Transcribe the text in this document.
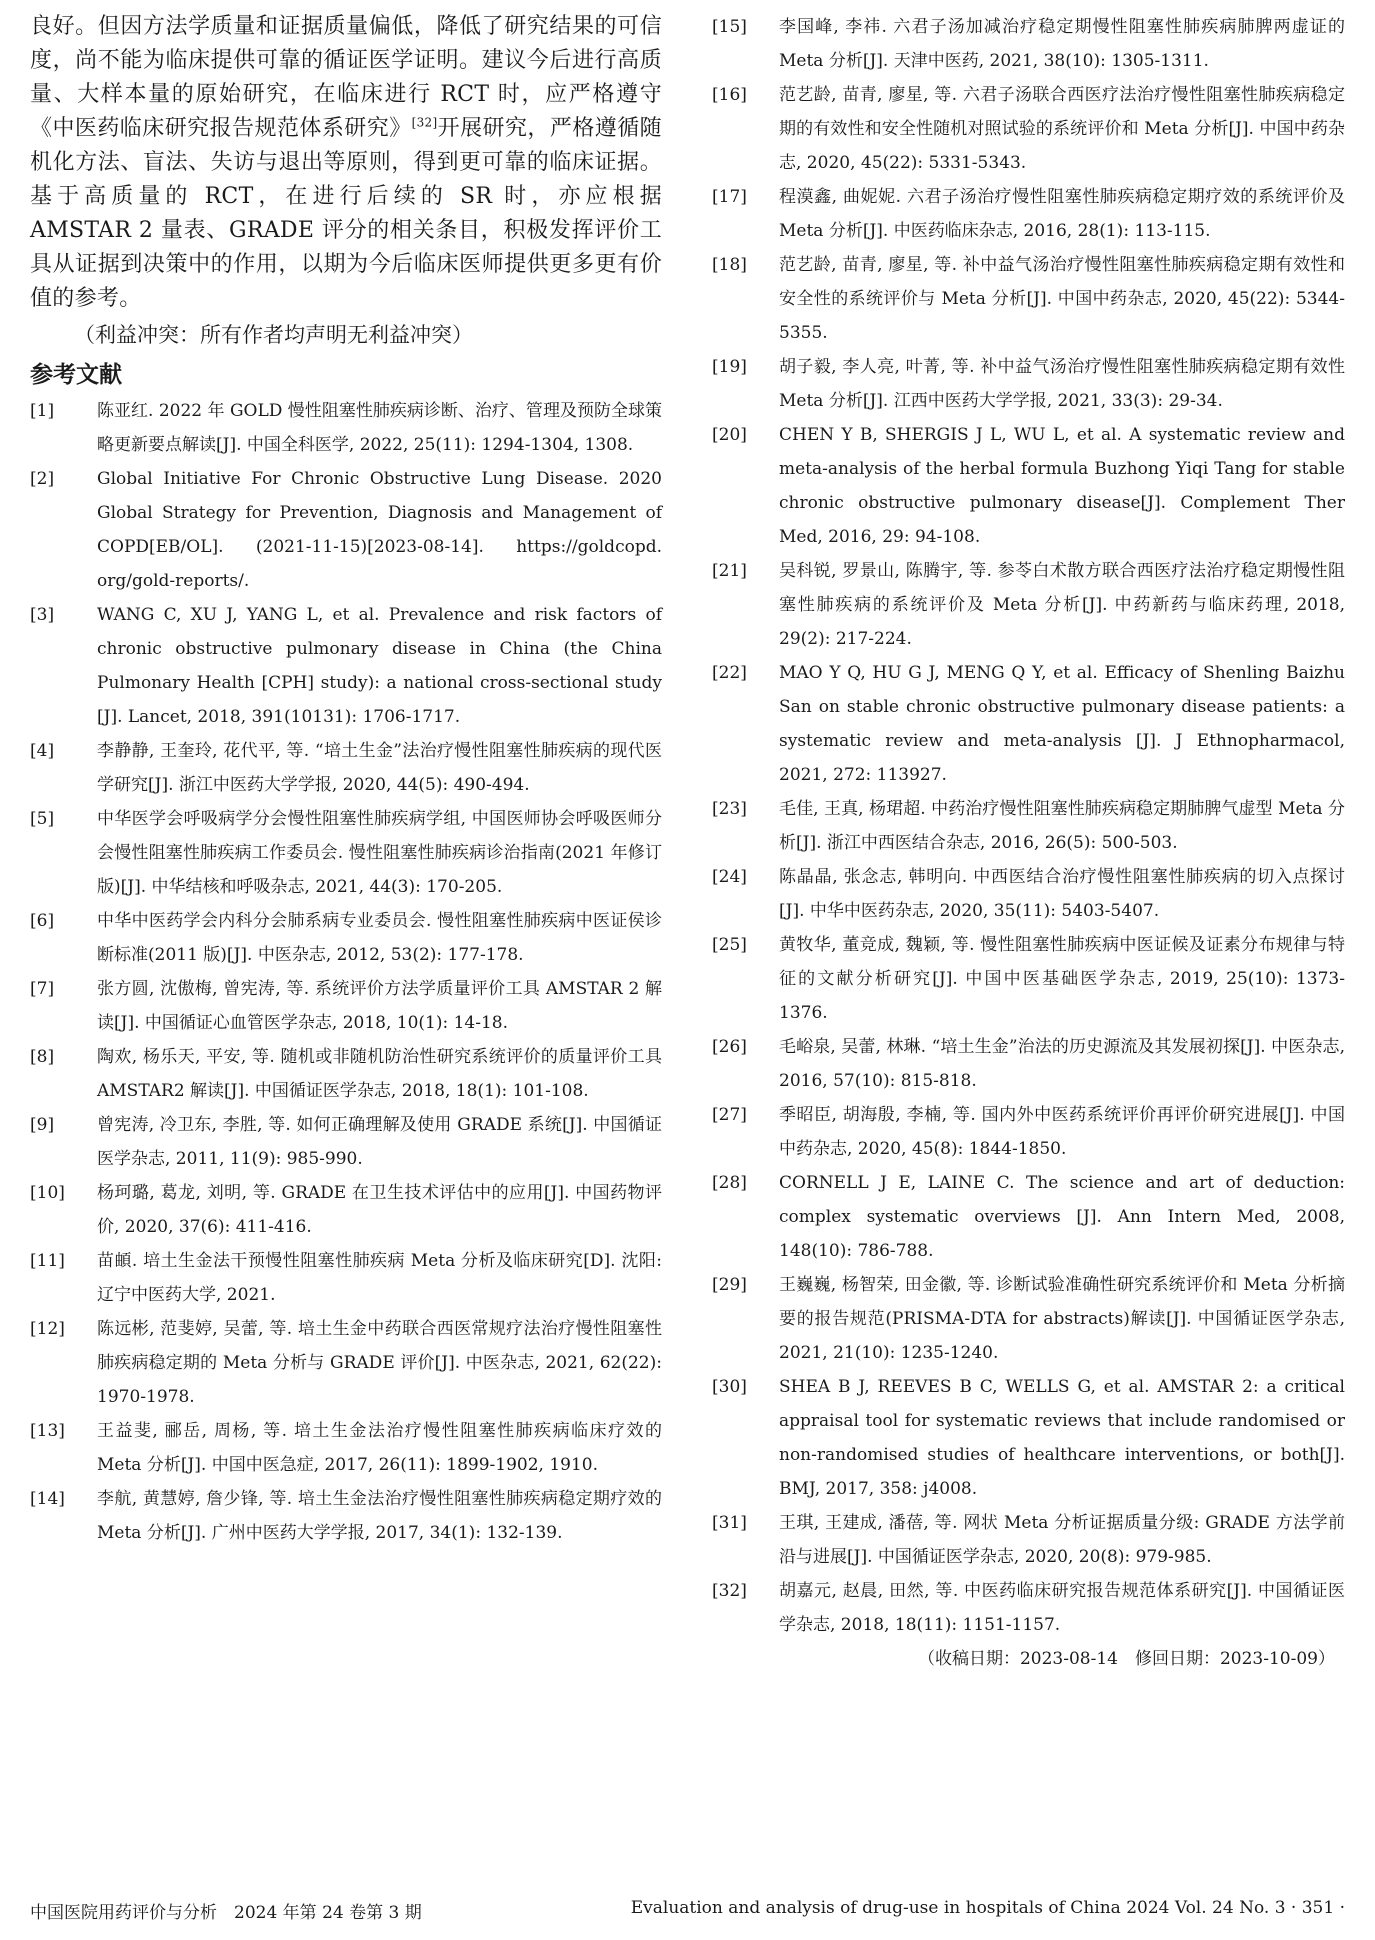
良好。但因方法学质量和证据质量偏低，降低了研究结果的可信度，尚不能为临床提供可靠的循证医学证明。建议今后进行高质量、大样本量的原始研究，在临床进行 RCT 时，应严格遵守《中医药临床研究报告规范体系研究》[32]开展研究，严格遵循随机化方法、盲法、失访与退出等原则，得到更可靠的临床证据。基于高质量的 RCT，在进行后续的 SR 时，亦应根据 AMSTAR 2 量表、GRADE 评分的相关条目，积极发挥评价工具从证据到决策中的作用，以期为今后临床医师提供更多更有价值的参考。

（利益冲突：所有作者均声明无利益冲突）

参考文献
[1]	陈亚红. 2022 年 GOLD 慢性阻塞性肺疾病诊断、治疗、管理及预防全球策略更新要点解读[J]. 中国全科医学, 2022, 25(11): 1294-1304, 1308.
[2]	Global Initiative For Chronic Obstructive Lung Disease. 2020 Global Strategy for Prevention, Diagnosis and Management of COPD[EB/OL]. (2021-11-15)[2023-08-14]. https://goldcopd. org/gold-reports/.
[3]	WANG C, XU J, YANG L, et al. Prevalence and risk factors of chronic obstructive pulmonary disease in China (the China Pulmonary Health [CPH] study): a national cross-sectional study [J]. Lancet, 2018, 391(10131): 1706-1717.
[4]	李静静, 王奎玲, 花代平, 等. “培土生金”法治疗慢性阻塞性肺疾病的现代医学研究[J]. 浙江中医药大学学报, 2020, 44(5): 490-494.
[5]	中华医学会呼吸病学分会慢性阻塞性肺疾病学组, 中国医师协会呼吸医师分会慢性阻塞性肺疾病工作委员会. 慢性阻塞性肺疾病诊治指南(2021 年修订版)[J]. 中华结核和呼吸杂志, 2021, 44(3): 170-205.
[6]	中华中医药学会内科分会肺系病专业委员会. 慢性阻塞性肺疾病中医证侯诊断标准(2011 版)[J]. 中医杂志, 2012, 53(2): 177-178.
[7]	张方圆, 沈傲梅, 曾宪涛, 等. 系统评价方法学质量评价工具 AMSTAR 2 解读[J]. 中国循证心血管医学杂志, 2018, 10(1): 14-18.
[8]	陶欢, 杨乐天, 平安, 等. 随机或非随机防治性研究系统评价的质量评价工具 AMSTAR2 解读[J]. 中国循证医学杂志, 2018, 18(1): 101-108.
[9]	曾宪涛, 冷卫东, 李胜, 等. 如何正确理解及使用 GRADE 系统[J]. 中国循证医学杂志, 2011, 11(9): 985-990.
[10]	杨珂璐, 葛龙, 刘明, 等. GRADE 在卫生技术评估中的应用[J]. 中国药物评价, 2020, 37(6): 411-416.
[11]	苗頔. 培土生金法干预慢性阻塞性肺疾病 Meta 分析及临床研究[D]. 沈阳: 辽宁中医药大学, 2021.
[12]	陈远彬, 范斐婷, 吴蕾, 等. 培土生金中药联合西医常规疗法治疗慢性阻塞性肺疾病稳定期的 Meta 分析与 GRADE 评价[J]. 中医杂志, 2021, 62(22): 1970-1978.
[13]	王益斐, 郦岳, 周杨, 等. 培土生金法治疗慢性阻塞性肺疾病临床疗效的 Meta 分析[J]. 中国中医急症, 2017, 26(11): 1899-1902, 1910.
[14]	李航, 黄慧婷, 詹少锋, 等. 培土生金法治疗慢性阻塞性肺疾病稳定期疗效的 Meta 分析[J]. 广州中医药大学学报, 2017, 34(1): 132-139.
[15]	李国峰, 李祎. 六君子汤加减治疗稳定期慢性阻塞性肺疾病肺脾两虚证的 Meta 分析[J]. 天津中医药, 2021, 38(10): 1305-1311.
[16]	范艺龄, 苗青, 廖星, 等. 六君子汤联合西医疗法治疗慢性阻塞性肺疾病稳定期的有效性和安全性随机对照试验的系统评价和 Meta 分析[J]. 中国中药杂志, 2020, 45(22): 5331-5343.
[17]	程漠鑫, 曲妮妮. 六君子汤治疗慢性阻塞性肺疾病稳定期疗效的系统评价及 Meta 分析[J]. 中医药临床杂志, 2016, 28(1): 113-115.
[18]	范艺龄, 苗青, 廖星, 等. 补中益气汤治疗慢性阻塞性肺疾病稳定期有效性和安全性的系统评价与 Meta 分析[J]. 中国中药杂志, 2020, 45(22): 5344-5355.
[19]	胡子毅, 李人亮, 叶菁, 等. 补中益气汤治疗慢性阻塞性肺疾病稳定期有效性 Meta 分析[J]. 江西中医药大学学报, 2021, 33(3): 29-34.
[20]	CHEN Y B, SHERGIS J L, WU L, et al. A systematic review and meta-analysis of the herbal formula Buzhong Yiqi Tang for stable chronic obstructive pulmonary disease[J]. Complement Ther Med, 2016, 29: 94-108.
[21]	吴科锐, 罗景山, 陈腾宇, 等. 参苓白术散方联合西医疗法治疗稳定期慢性阻塞性肺疾病的系统评价及 Meta 分析[J]. 中药新药与临床药理, 2018, 29(2): 217-224.
[22]	MAO Y Q, HU G J, MENG Q Y, et al. Efficacy of Shenling Baizhu San on stable chronic obstructive pulmonary disease patients: a systematic review and meta-analysis [J]. J Ethnopharmacol, 2021, 272: 113927.
[23]	毛佳, 王真, 杨珺超. 中药治疗慢性阻塞性肺疾病稳定期肺脾气虚型 Meta 分析[J]. 浙江中西医结合杂志, 2016, 26(5): 500-503.
[24]	陈晶晶, 张念志, 韩明向. 中西医结合治疗慢性阻塞性肺疾病的切入点探讨[J]. 中华中医药杂志, 2020, 35(11): 5403-5407.
[25]	黄牧华, 董竞成, 魏颖, 等. 慢性阻塞性肺疾病中医证候及证素分布规律与特征的文献分析研究[J]. 中国中医基础医学杂志, 2019, 25(10): 1373-1376.
[26]	毛峪泉, 吴蕾, 林琳. “培土生金”治法的历史源流及其发展初探[J]. 中医杂志, 2016, 57(10): 815-818.
[27]	季昭臣, 胡海殷, 李楠, 等. 国内外中医药系统评价再评价研究进展[J]. 中国中药杂志, 2020, 45(8): 1844-1850.
[28]	CORNELL J E, LAINE C. The science and art of deduction: complex systematic overviews [J]. Ann Intern Med, 2008, 148(10): 786-788.
[29]	王巍巍, 杨智荣, 田金徽, 等. 诊断试验准确性研究系统评价和 Meta 分析摘要的报告规范(PRISMA-DTA for abstracts)解读[J]. 中国循证医学杂志, 2021, 21(10): 1235-1240.
[30]	SHEA B J, REEVES B C, WELLS G, et al. AMSTAR 2: a critical appraisal tool for systematic reviews that include randomised or non-randomised studies of healthcare interventions, or both[J]. BMJ, 2017, 358: j4008.
[31]	王琪, 王建成, 潘蓓, 等. 网状 Meta 分析证据质量分级: GRADE 方法学前沿与进展[J]. 中国循证医学杂志, 2020, 20(8): 979-985.
[32]	胡嘉元, 赵晨, 田然, 等. 中医药临床研究报告规范体系研究[J]. 中国循证医学杂志, 2018, 18(11): 1151-1157.
（收稿日期：2023-08-14　修回日期：2023-10-09）
中国医院用药评价与分析　2024 年第 24 卷第 3 期	Evaluation and analysis of drug-use in hospitals of China 2024 Vol. 24 No. 3 · 351 ·
